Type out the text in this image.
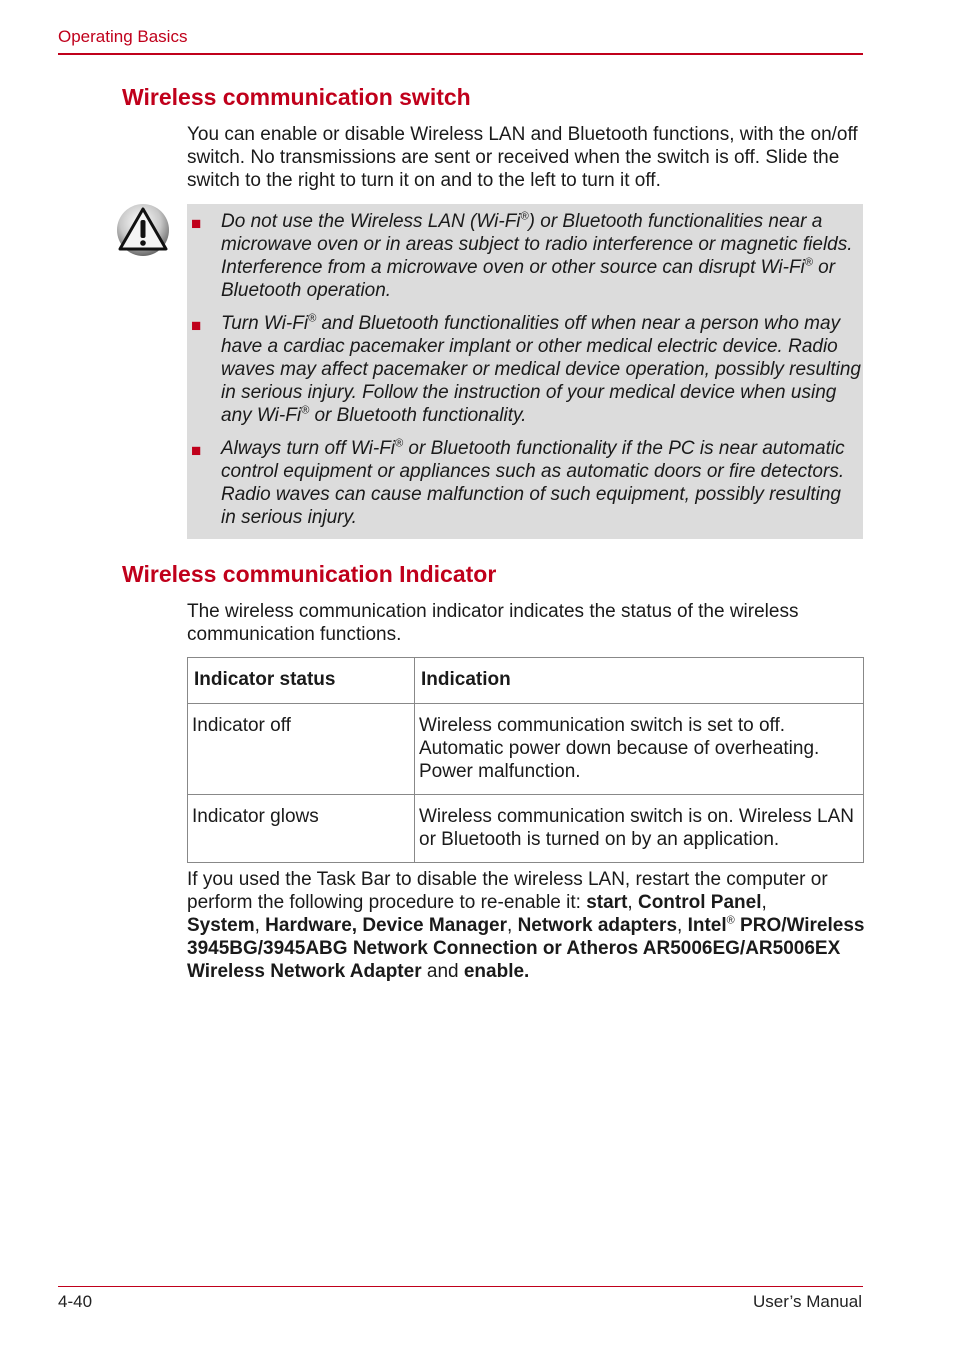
Operating Basics
Wireless communication switch

You can enable or disable Wireless LAN and Bluetooth functions, with the on/off switch. No transmissions are sent or received when the switch is off. Slide the switch to the right to turn it on and to the left to turn it off.

■ Do not use the Wireless LAN (Wi-Fi®) or Bluetooth functionalities near a microwave oven or in areas subject to radio interference or magnetic fields. Interference from a microwave oven or other source can disrupt Wi-Fi® or Bluetooth operation.
■ Turn Wi-Fi® and Bluetooth functionalities off when near a person who may have a cardiac pacemaker implant or other medical electric device. Radio waves may affect pacemaker or medical device operation, possibly resulting in serious injury. Follow the instruction of your medical device when using any Wi-Fi® or Bluetooth functionality.
■ Always turn off Wi-Fi® or Bluetooth functionality if the PC is near automatic control equipment or appliances such as automatic doors or fire detectors. Radio waves can cause malfunction of such equipment, possibly resulting in serious injury.
Wireless communication Indicator

The wireless communication indicator indicates the status of the wireless communication functions.

Indicator status	Indication
Indicator off	Wireless communication switch is set to off.
Automatic power down because of overheating.
Power malfunction.

Indicator glows	Wireless communication switch is on. Wireless LAN or Bluetooth is turned on by an application.

If you used the Task Bar to disable the wireless LAN, restart the computer or perform the following procedure to re-enable it: start, Control Panel,
System, Hardware, Device Manager, Network adapters, Intel® PRO/Wireless 3945BG/3945ABG Network Connection or Atheros AR5006EG/AR5006EX Wireless Network Adapter and enable.

4-40	User’s Manual
